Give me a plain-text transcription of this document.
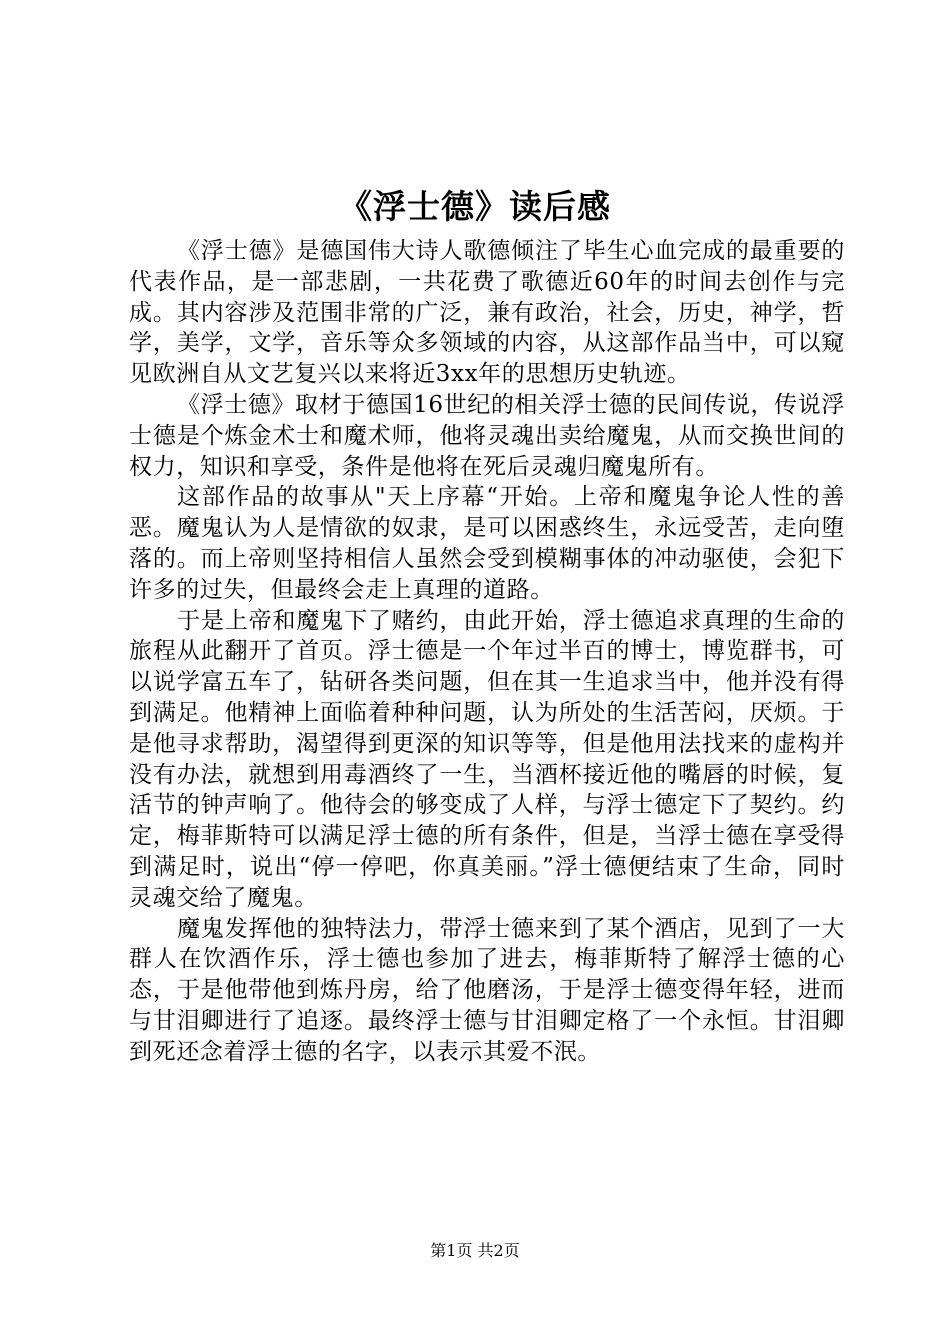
《浮士德》读后感

《浮士德》是德国伟大诗人歌德倾注了毕生心血完成的最重要的代表作品，是一部悲剧，一共花费了歌德近60年的时间去创作与完成。其内容涉及范围非常的广泛，兼有政治，社会，历史，神学，哲学，美学，文学，音乐等众多领域的内容，从这部作品当中，可以窥见欧洲自从文艺复兴以来将近3xx年的思想历史轨迹。

《浮士德》取材于德国16世纪的相关浮士德的民间传说，传说浮士德是个炼金术士和魔术师，他将灵魂出卖给魔鬼，从而交换世间的权力，知识和享受，条件是他将在死后灵魂归魔鬼所有。

这部作品的故事从"天上序幕“开始。上帝和魔鬼争论人性的善恶。魔鬼认为人是情欲的奴隶，是可以困惑终生，永远受苦，走向堕落的。而上帝则坚持相信人虽然会受到模糊事体的冲动驱使，会犯下许多的过失，但最终会走上真理的道路。

于是上帝和魔鬼下了赌约，由此开始，浮士德追求真理的生命的旅程从此翻开了首页。浮士德是一个年过半百的博士，博览群书，可以说学富五车了，钻研各类问题，但在其一生追求当中，他并没有得到满足。他精神上面临着种种问题，认为所处的生活苦闷，厌烦。于是他寻求帮助，渴望得到更深的知识等等，但是他用法找来的虚构并没有办法，就想到用毒酒终了一生，当酒杯接近他的嘴唇的时候，复活节的钟声响了。他待会的够变成了人样，与浮士德定下了契约。约定，梅菲斯特可以满足浮士德的所有条件，但是，当浮士德在享受得到满足时，说出“停一停吧，你真美丽。”浮士德便结束了生命，同时灵魂交给了魔鬼。

魔鬼发挥他的独特法力，带浮士德来到了某个酒店，见到了一大群人在饮酒作乐，浮士德也参加了进去，梅菲斯特了解浮士德的心态，于是他带他到炼丹房，给了他磨汤，于是浮士德变得年轻，进而与甘泪卿进行了追逐。最终浮士德与甘泪卿定格了一个永恒。甘泪卿到死还念着浮士德的名字，以表示其爱不泯。

第1页 共2页
